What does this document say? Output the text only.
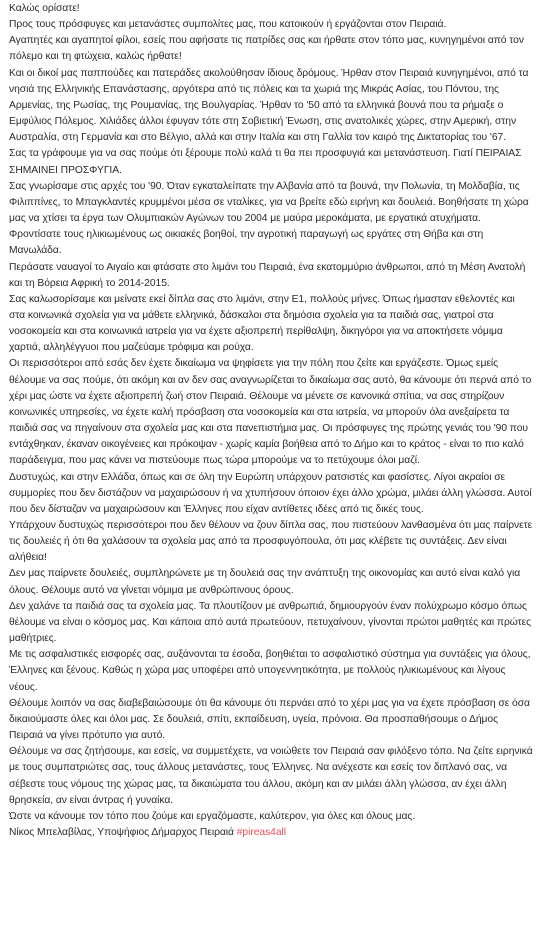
Καλώς ορίσατε!

Προς τους πρόσφυγες και μετανάστες συμπολίτες μας, που κατοικούν ή εργάζονται στον Πειραιά.

Αγαπητές και αγαπητοί φίλοι, εσείς που αφήσατε τις πατρίδες σας και ήρθατε στον τόπο μας, κυνηγημένοι από τον πόλεμο και τη φτώχεια, καλώς ήρθατε!

Και οι δικοί μας παππούδες και πατεράδες ακολούθησαν ίδιους δρόμους. Ήρθαν στον Πειραιά κυνηγημένοι, από τα νησιά της Ελληνικής Επανάστασης, αργότερα από τις πόλεις και τα χωριά της Μικράς Ασίας, του Πόντου, της Αρμενίας, της Ρωσίας, της Ρουμανίας, της Βουλγαρίας. Ήρθαν το '50 από τα ελληνικά βουνά που τα ρήμαξε ο Εμφύλιος Πόλεμος. Χιλιάδες άλλοι έφυγαν τότε στη Σοβιετική Ένωση, στις ανατολικές χώρες, στην Αμερική, στην Αυστραλία, στη Γερμανία και στο Βέλγιο, αλλά και στην Ιταλία και στη Γαλλία τον καιρό της Δικτατορίας του '67.

Σας τα γράφουμε για να σας πούμε ότι ξέρουμε πολύ καλά τι θα πει προσφυγιά και μετανάστευση. Γιατί ΠΕΙΡΑΙΑΣ ΣΗΜΑΙΝΕΙ ΠΡΟΣΦΥΓΙΑ.

Σας γνωρίσαμε στις αρχές του '90. Όταν εγκαταλείπατε την Αλβανία από τα βουνά, την Πολωνία, τη Μολδαβία, τις Φιλιππίνες, το Μπαγκλαντές κρυμμένοι μέσα σε νταλίκες, για να βρείτε εδώ ειρήνη και δουλειά. Βοηθήσατε τη χώρα μας να χτίσει τα έργα των Ολυμπιακών Αγώνων του 2004 με μαύρα μεροκάματα, με εργατικά ατυχήματα. Φροντίσατε τους ηλικιωμένους ως οικιακές βοηθοί, την αγροτική παραγωγή ως εργάτες στη Θήβα και στη Μανωλάδα.

Περάσατε ναυαγοί το Αιγαίο και φτάσατε στο λιμάνι του Πειραιά, ένα εκατομμύριο άνθρωποι, από τη Μέση Ανατολή και τη Βόρεια Αφρική το 2014-2015.

Σας καλωσορίσαμε και μείνατε εκεί δίπλα σας στο λιμάνι, στην Ε1, πολλούς μήνες. Όπως ήμασταν εθελοντές και στα κοινωνικά σχολεία για να μάθετε ελληνικά, δάσκαλοι στα δημόσια σχολεία για τα παιδιά σας, γιατροί στα νοσοκομεία και στα κοινωνικά ιατρεία για να έχετε αξιοπρεπή περίθαλψη, δικηγόροι για να αποκτήσετε νόμιμα χαρτιά, αλληλέγγυοι που μαζεύαμε τρόφιμα και ρούχα.

Οι περισσότεροι από εσάς δεν έχετε δικαίωμα να ψηφίσετε για την πόλη που ζείτε και εργάζεστε. Όμως εμείς θέλουμε να σας πούμε, ότι ακόμη και αν δεν σας αναγνωρίζεται το δικαίωμα σας αυτό, θα κάνουμε ότι περνά από το χέρι μας ώστε να έχετε αξιοπρεπή ζωή στον Πειραιά. Θέλουμε να μένετε σε κανονικά σπίτια, να σας στηρίζουν κοινωνικές υπηρεσίες, να έχετε καλή πρόσβαση στα νοσοκομεία και στα ιατρεία, να μπορούν όλα ανεξαίρετα τα παιδιά σας να πηγαίνουν στα σχολεία μας και στα πανεπιστήμια μας. Οι πρόσφυγες της πρώτης γενιάς του '90 που εντάχθηκαν, έκαναν οικογένειες και πρόκοψαν - χωρίς καμία βοήθεια από το Δήμο και το κράτος - είναι το πιο καλό παράδειγμα, που μας κάνει να πιστεύουμε πως τώρα μπορούμε να το πετύχουμε όλοι μαζί.

Δυστυχώς, και στην Ελλάδα, όπως και σε όλη την Ευρώπη υπάρχουν ρατσιστές και φασίστες. Λίγοι ακραίοι σε συμμορίες που δεν διστάζουν να μαχαιρώσουν ή να χτυπήσουν όποιον έχει άλλο χρώμα, μιλάει άλλη γλώσσα. Αυτοί που δεν δίσταζαν να μαχαιρώσουν και Έλληνες που είχαν αντίθετες ιδέες από τις δικές τους.

Υπάρχουν δυστυχώς περισσότεροι που δεν θέλουν να ζουν δίπλα σας, που πιστεύουν λανθασμένα ότι μας παίρνετε τις δουλειές ή ότι θα χαλάσουν τα σχολεία μας από τα προσφυγόπουλα, ότι μας κλέβετε τις συντάξεις. Δεν είναι αλήθεια!

Δεν μας παίρνετε δουλειές, συμπληρώνετε με τη δουλειά σας την ανάπτυξη της οικονομίας και αυτό είναι καλό για όλους. Θέλουμε αυτό να γίνεται νόμιμα με ανθρώπινους όρους.

Δεν χαλάνε τα παιδιά σας τα σχολεία μας. Τα πλουτίζουν με ανθρωπιά, δημιουργούν έναν πολύχρωμο κόσμο όπως θέλουμε να είναι ο κόσμος μας. Και κάποια από αυτά πρωτεύουν, πετυχαίνουν, γίνονται πρώτοι μαθητές και πρώτες μαθήτριες.

Με τις ασφαλιστικές εισφορές σας, αυξάνονται τα έσοδα, βοηθιέται το ασφαλιστικό σύστημα για συντάξεις για όλους, Έλληνες και ξένους. Καθώς η χώρα μας υποφέρει από υπογεννητικότητα, με πολλούς ηλικιωμένους και λίγους νέους.

Θέλουμε λοιπόν να σας διαβεβαιώσουμε ότι θα κάνουμε ότι περνάει από το χέρι μας για να έχετε πρόσβαση σε όσα δικαιούμαστε όλες και όλοι μας. Σε δουλειά, σπίτι, εκπαίδευση, υγεία, πρόνοια. Θα προσπαθήσουμε ο Δήμος Πειραιά να γίνει πρότυπο για αυτό.

Θέλουμε να σας ζητήσουμε, και εσείς, να συμμετέχετε, να νοιώθετε τον Πειραιά σαν φιλόξενο τόπο. Να ζείτε ειρηνικά με τους συμπατριώτες σας, τους άλλους μετανάστες, τους Έλληνες. Να ανέχεστε και εσείς τον διπλανό σας, να σέβεστε τους νόμους της χώρας μας, τα δικαιώματα του άλλου, ακόμη και αν μιλάει άλλη γλώσσα, αν έχει άλλη θρησκεία, αν είναι άντρας ή γυναίκα.

Ώστε να κάνουμε τον τόπο που ζούμε και εργαζόμαστε, καλύτερον, για όλες και όλους μας.

Νίκος Μπελαβίλας, Υποψήφιος Δήμαρχος Πειραιά #pireas4all
